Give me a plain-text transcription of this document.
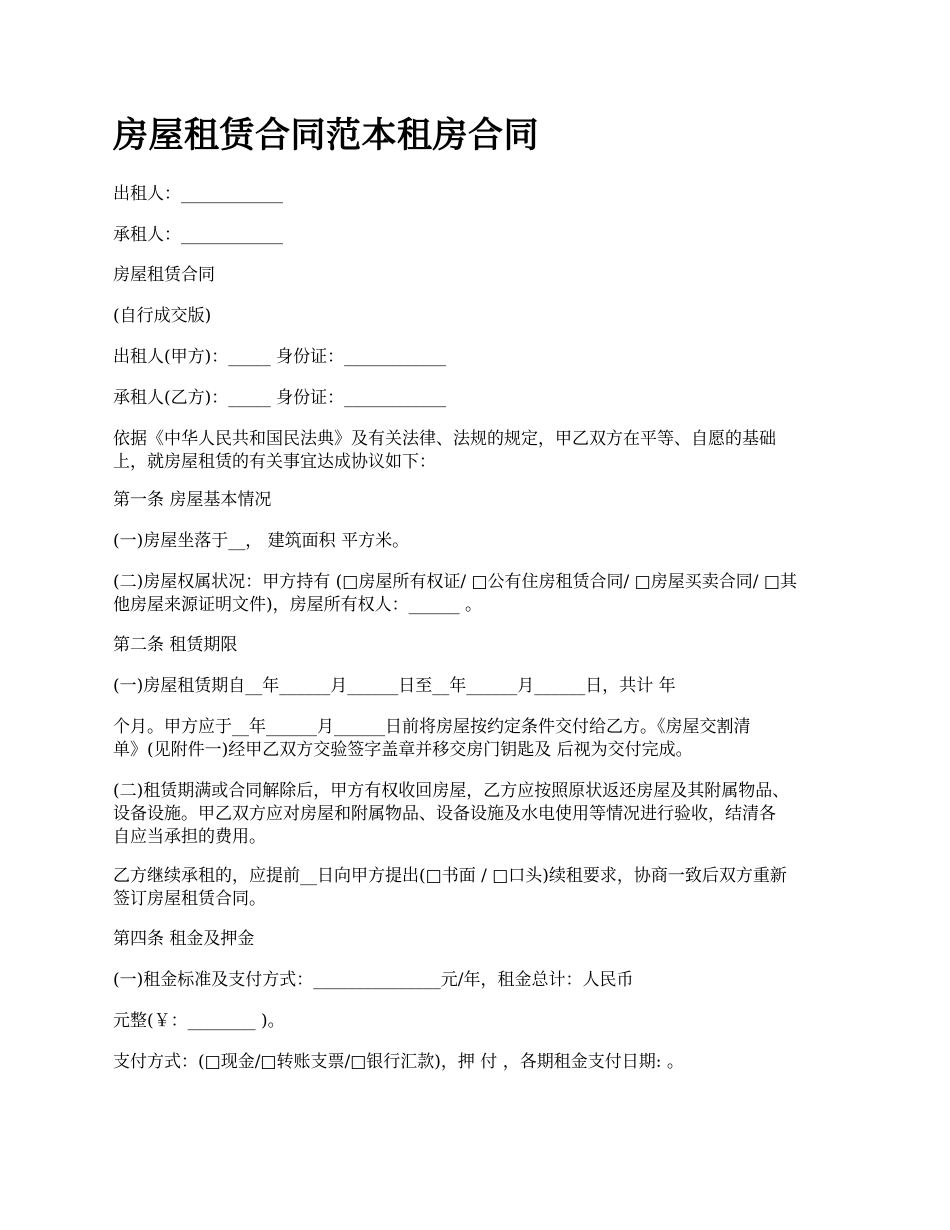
房屋租赁合同范本租房合同

出租人：____________

承租人：____________

房屋租赁合同

(自行成交版)

出租人(甲方)：_____ 身份证：____________

承租人(乙方)：_____ 身份证：____________

依据《中华人民共和国民法典》及有关法律、法规的规定，甲乙双方在平等、自愿的基础
上，就房屋租赁的有关事宜达成协议如下：

第一条 房屋基本情况

(一)房屋坐落于__， 建筑面积 平方米。

(二)房屋权属状况：甲方持有 (□房屋所有权证/ □公有住房租赁合同/ □房屋买卖合同/ □其
他房屋来源证明文件)，房屋所有权人：______ 。

第二条 租赁期限

(一)房屋租赁期自__年______月______日至__年______月______日，共计 年

个月。甲方应于__年______月______日前将房屋按约定条件交付给乙方。《房屋交割清
单》(见附件一)经甲乙双方交验签字盖章并移交房门钥匙及 后视为交付完成。

(二)租赁期满或合同解除后，甲方有权收回房屋，乙方应按照原状返还房屋及其附属物品、
设备设施。甲乙双方应对房屋和附属物品、设备设施及水电使用等情况进行验收，结清各
自应当承担的费用。

乙方继续承租的，应提前__日向甲方提出(□书面 / □口头)续租要求，协商一致后双方重新
签订房屋租赁合同。

第四条 租金及押金

(一)租金标准及支付方式：_______________元/年，租金总计：人民币

元整(￥：________ )。

支付方式：(□现金/□转账支票/□银行汇款)，押 付 ，各期租金支付日期: 。
